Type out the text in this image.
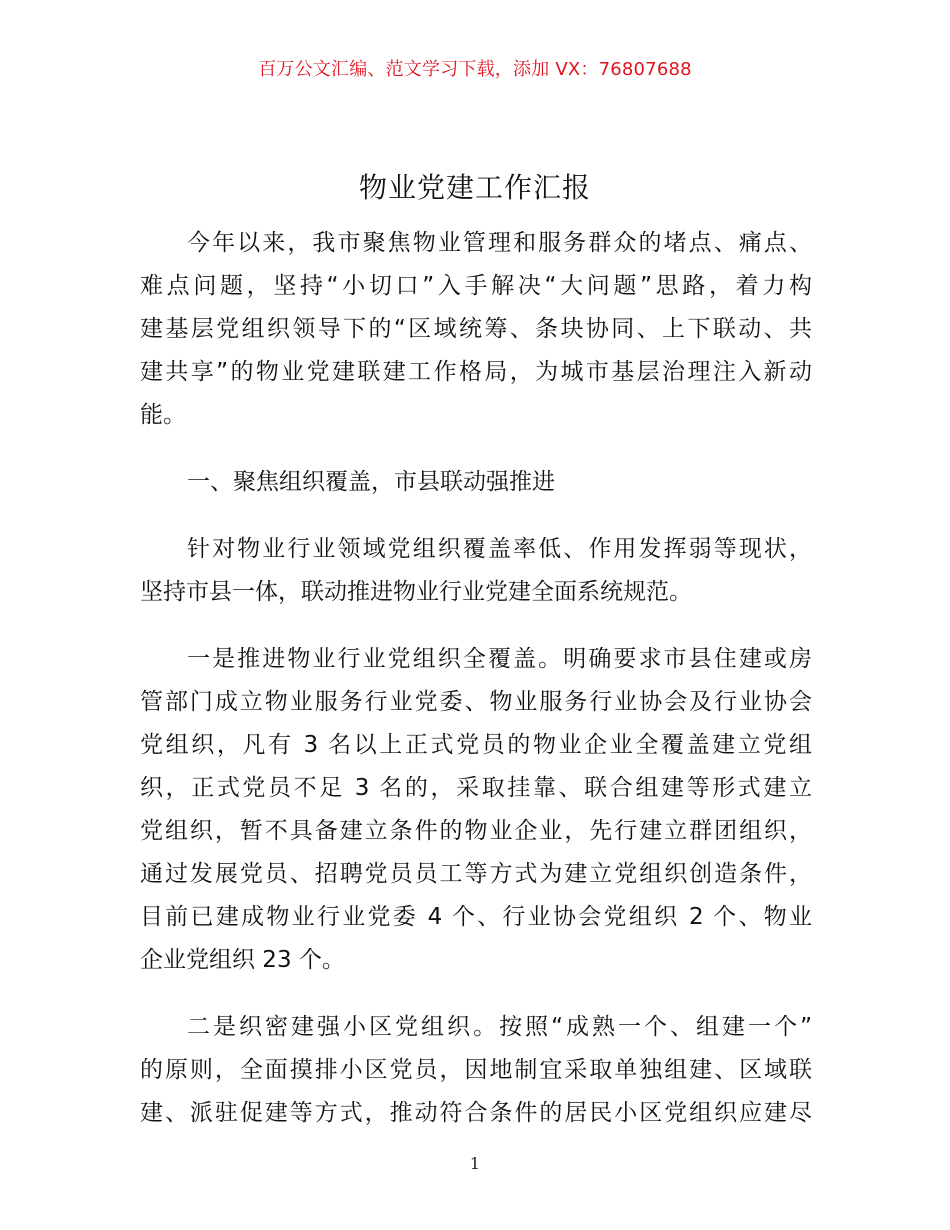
百万公文汇编、范文学习下载，添加 VX：76807688
物业党建工作汇报
今年以来，我市聚焦物业管理和服务群众的堵点、痛点、
难点问题，坚持“小切口”入手解决“大问题”思路，着力构
建基层党组织领导下的“区域统筹、条块协同、上下联动、共
建共享”的物业党建联建工作格局，为城市基层治理注入新动
能。
一、聚焦组织覆盖，市县联动强推进
针对物业行业领域党组织覆盖率低、作用发挥弱等现状，
坚持市县一体，联动推进物业行业党建全面系统规范。
一是推进物业行业党组织全覆盖。明确要求市县住建或房
管部门成立物业服务行业党委、物业服务行业协会及行业协会
党组织，凡有 3 名以上正式党员的物业企业全覆盖建立党组
织，正式党员不足 3 名的，采取挂靠、联合组建等形式建立
党组织，暂不具备建立条件的物业企业，先行建立群团组织，
通过发展党员、招聘党员员工等方式为建立党组织创造条件，
目前已建成物业行业党委 4 个、行业协会党组织 2 个、物业
企业党组织 23 个。
二是织密建强小区党组织。按照“成熟一个、组建一个”
的原则，全面摸排小区党员，因地制宜采取单独组建、区域联
建、派驻促建等方式，推动符合条件的居民小区党组织应建尽
1
